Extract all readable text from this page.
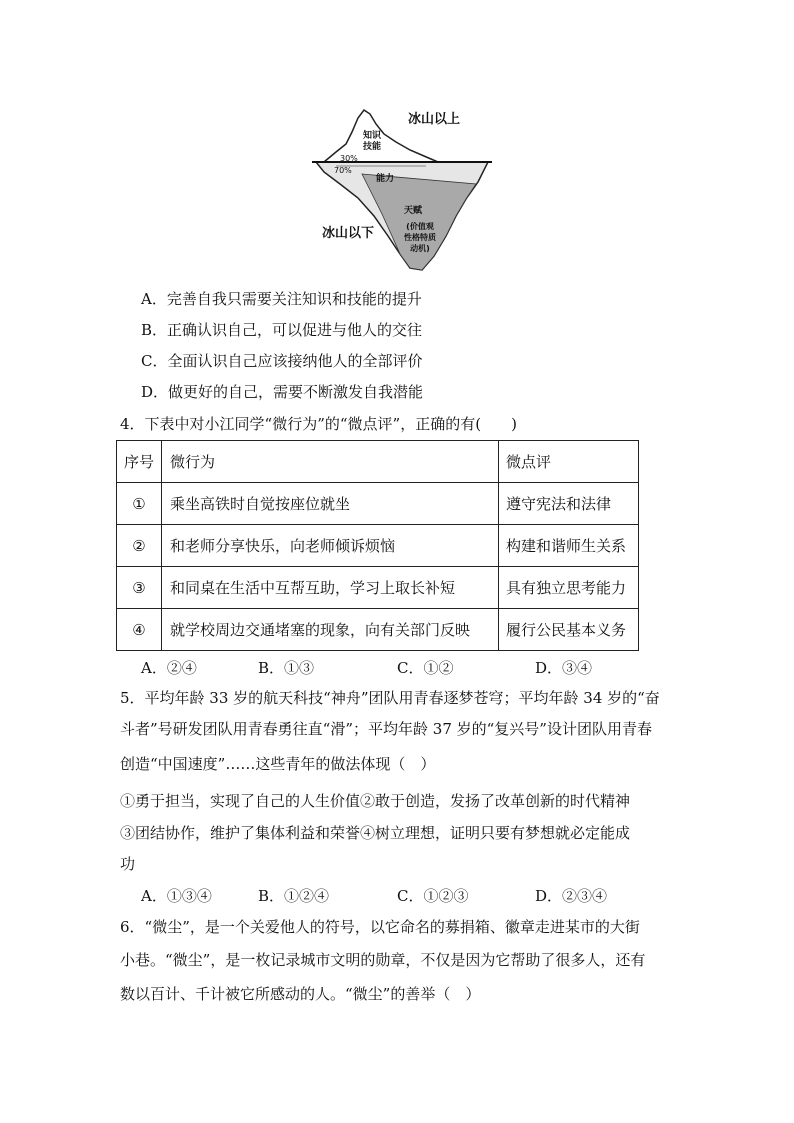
冰山以上
冰山以下
知识
技能
30%
70%
能力
天赋
(价值观
性格特质
动机)
A．完善自我只需要关注知识和技能的提升
B．正确认识自己，可以促进与他人的交往
C．全面认识自己应该接纳他人的全部评价
D．做更好的自己，需要不断激发自我潜能
4．下表中对小江同学“微行为”的“微点评”，正确的有(　　)
序号	微行为	微点评
①	乘坐高铁时自觉按座位就坐	遵守宪法和法律
②	和老师分享快乐，向老师倾诉烦恼	构建和谐师生关系
③	和同桌在生活中互帮互助，学习上取长补短	具有独立思考能力
④	就学校周边交通堵塞的现象，向有关部门反映	履行公民基本义务
A．②④	B．①③	C．①②	D．③④
5．平均年龄 33 岁的航天科技“神舟”团队用青春逐梦苍穹；平均年龄 34 岁的“奋
斗者”号研发团队用青春勇往直“滑”；平均年龄 37 岁的“复兴号”设计团队用青春
创造“中国速度”……这些青年的做法体现（　）
①勇于担当，实现了自己的人生价值②敢于创造，发扬了改革创新的时代精神
③团结协作，维护了集体利益和荣誉④树立理想，证明只要有梦想就必定能成
功
A．①③④	B．①②④	C．①②③	D．②③④
6．“微尘”，是一个关爱他人的符号，以它命名的募捐箱、徽章走进某市的大街
小巷。“微尘”，是一枚记录城市文明的勋章，不仅是因为它帮助了很多人，还有
数以百计、千计被它所感动的人。“微尘”的善举（　）
